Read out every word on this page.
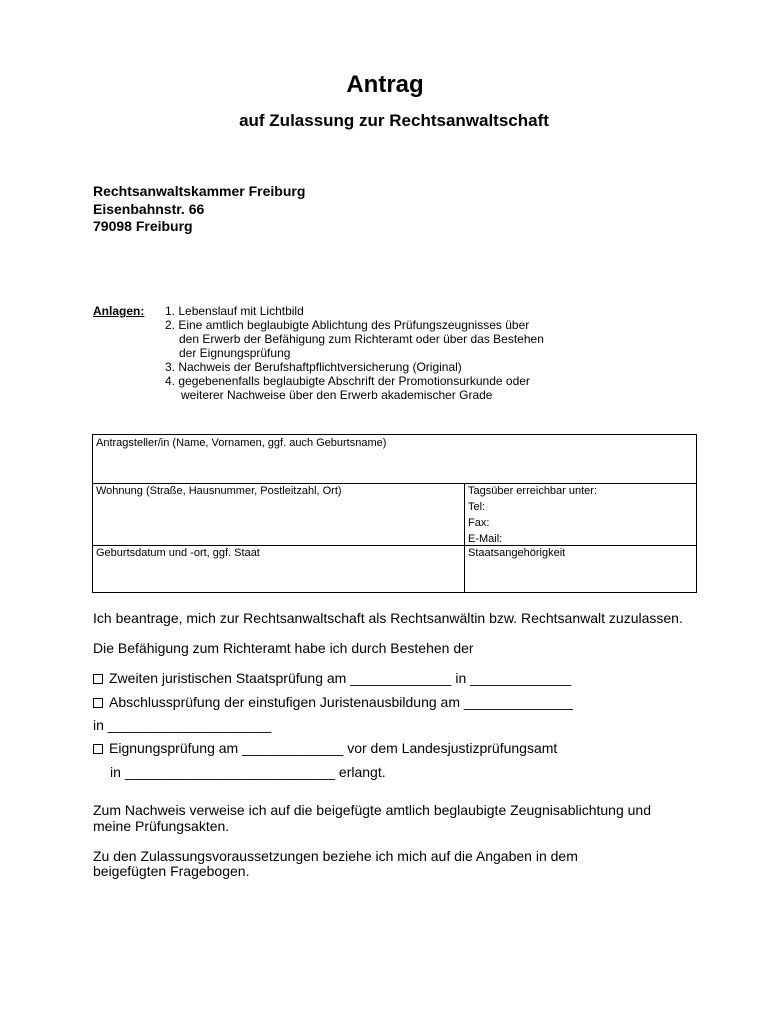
Antrag
auf Zulassung zur Rechtsanwaltschaft
Rechtsanwaltskammer Freiburg
Eisenbahnstr. 66
79098 Freiburg
Anlagen: 1. Lebenslauf mit Lichtbild
2. Eine amtlich beglaubigte Ablichtung des Prüfungszeugnisses über
den Erwerb der Befähigung zum Richteramt oder über das Bestehen
der Eignungsprüfung
3. Nachweis der Berufshaftpflichtversicherung (Original)
4. gegebenenfalls beglaubigte Abschrift der Promotionsurkunde oder
weiterer Nachweise über den Erwerb akademischer Grade
Antragsteller/in (Name, Vornamen, ggf. auch Geburtsname)
Wohnung (Straße, Hausnummer, Postleitzahl, Ort)	Tagsüber erreichbar unter:
Tel:
Fax:
E-Mail:
Geburtsdatum und -ort, ggf. Staat	Staatsangehörigkeit
Ich beantrage, mich zur Rechtsanwaltschaft als Rechtsanwältin bzw. Rechtsanwalt zuzulassen.
Die Befähigung zum Richteramt habe ich durch Bestehen der
Zweiten juristischen Staatsprüfung am _____________ in _____________
Abschlussprüfung der einstufigen Juristenausbildung am ______________
in _____________________
Eignungsprüfung am _____________ vor dem Landesjustizprüfungsamt
in ___________________________ erlangt.
Zum Nachweis verweise ich auf die beigefügte amtlich beglaubigte Zeugnisablichtung und
meine Prüfungsakten.
Zu den Zulassungsvoraussetzungen beziehe ich mich auf die Angaben in dem
beigefügten Fragebogen.
